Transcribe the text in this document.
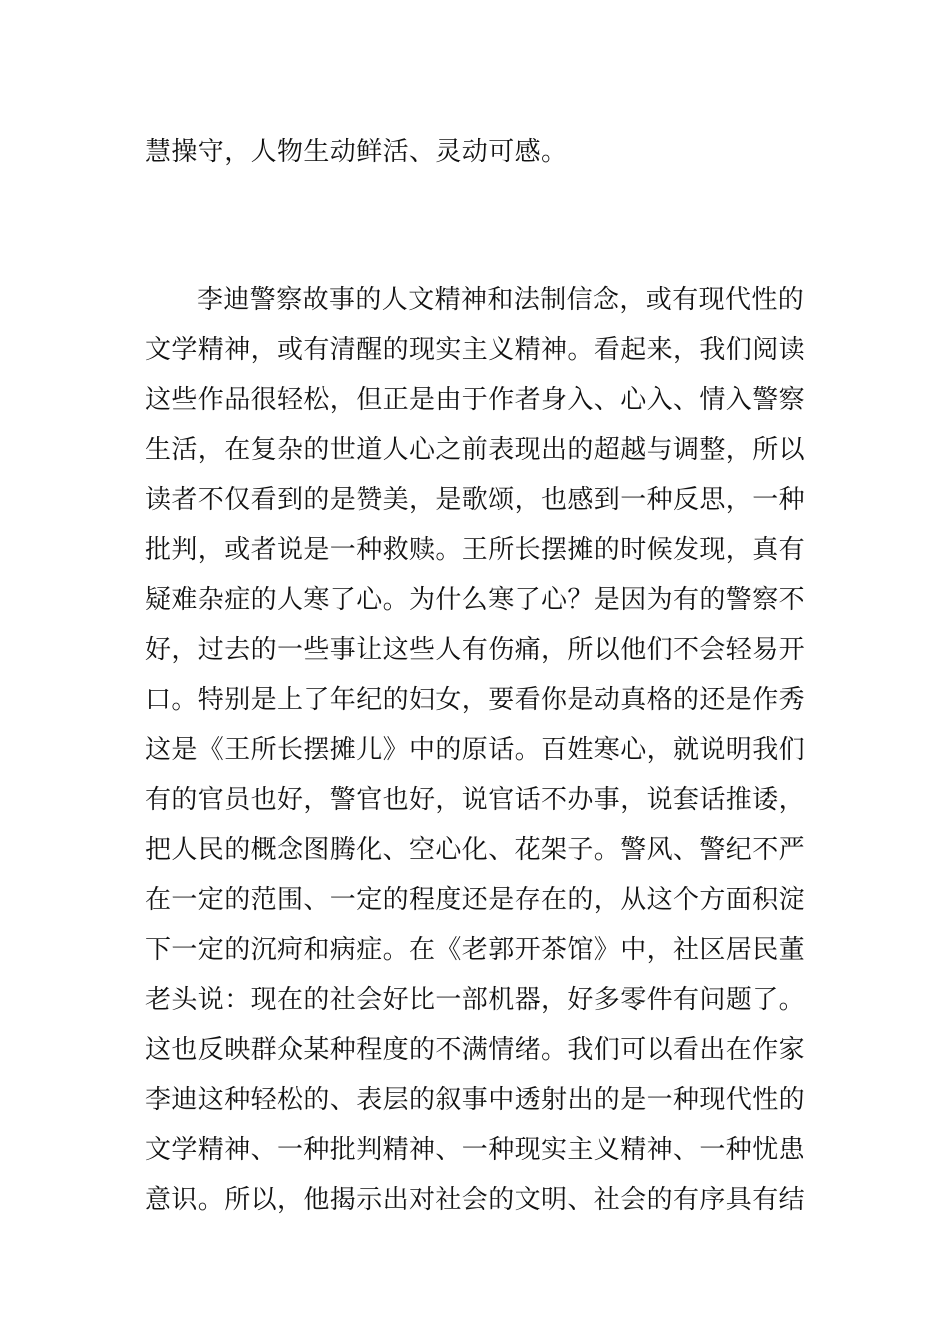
慧操守，人物生动鲜活、灵动可感。
李迪警察故事的人文精神和法制信念，或有现代性的
文学精神，或有清醒的现实主义精神。看起来，我们阅读
这些作品很轻松，但正是由于作者身入、心入、情入警察
生活，在复杂的世道人心之前表现出的超越与调整，所以
读者不仅看到的是赞美，是歌颂，也感到一种反思，一种
批判，或者说是一种救赎。王所长摆摊的时候发现，真有
疑难杂症的人寒了心。为什么寒了心？是因为有的警察不
好，过去的一些事让这些人有伤痛，所以他们不会轻易开
口。特别是上了年纪的妇女，要看你是动真格的还是作秀
这是《王所长摆摊儿》中的原话。百姓寒心，就说明我们
有的官员也好，警官也好，说官话不办事，说套话推诿，
把人民的概念图腾化、空心化、花架子。警风、警纪不严
在一定的范围、一定的程度还是存在的，从这个方面积淀
下一定的沉疴和病症。在《老郭开茶馆》中，社区居民董
老头说：现在的社会好比一部机器，好多零件有问题了。
这也反映群众某种程度的不满情绪。我们可以看出在作家
李迪这种轻松的、表层的叙事中透射出的是一种现代性的
文学精神、一种批判精神、一种现实主义精神、一种忧患
意识。所以，他揭示出对社会的文明、社会的有序具有结
